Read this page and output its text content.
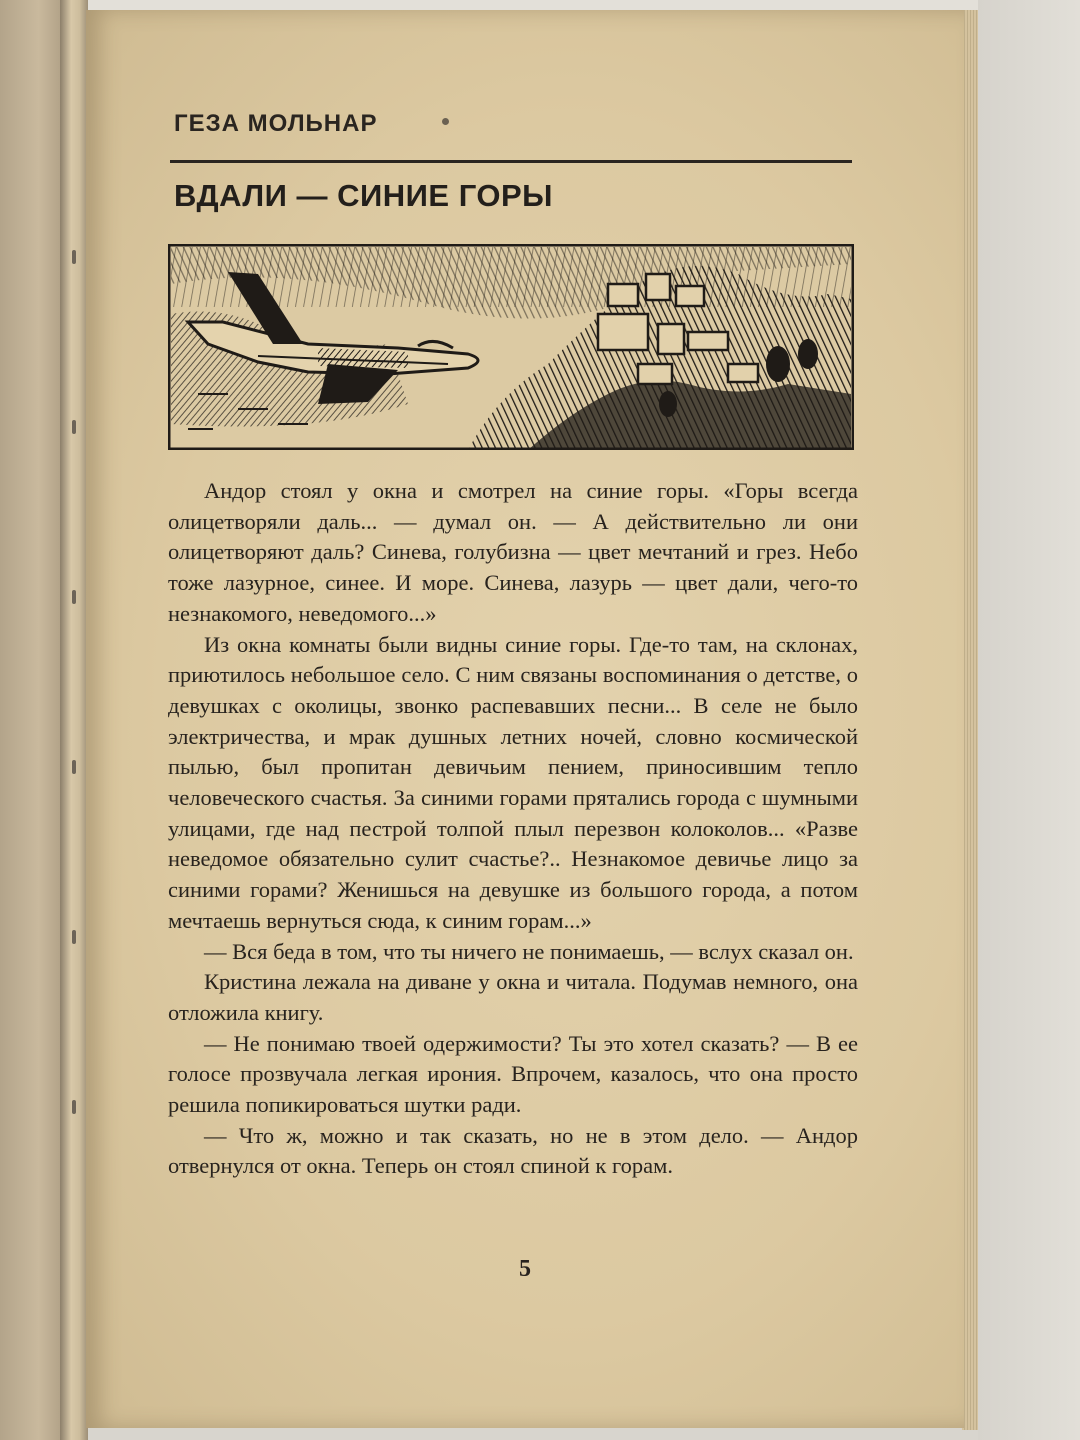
ГЕЗА МОЛЬНАР
ВДАЛИ — СИНИЕ ГОРЫ

Андор стоял у окна и смотрел на синие горы. «Горы всегда олицетворяли даль... — думал он. — А действительно ли они олицетворяют даль? Синева, голубизна — цвет мечтаний и грез. Небо тоже лазурное, синее. И море. Синева, лазурь — цвет дали, чего-то незнакомого, неведомого...»

Из окна комнаты были видны синие горы. Где-то там, на склонах, приютилось небольшое село. С ним связаны воспоминания о детстве, о девушках с околицы, звонко распевавших песни... В селе не было электричества, и мрак душных летних ночей, словно космической пылью, был пропитан девичьим пением, приносившим тепло человеческого счастья. За синими горами прятались города с шумными улицами, где над пестрой толпой плыл перезвон колоколов... «Разве неведомое обязательно сулит счастье?.. Незнакомое девичье лицо за синими горами? Женишься на девушке из большого города, а потом мечтаешь вернуться сюда, к синим горам...»

— Вся беда в том, что ты ничего не понимаешь, — вслух сказал он.

Кристина лежала на диване у окна и читала. Подумав немного, она отложила книгу.

— Не понимаю твоей одержимости? Ты это хотел сказать? — В ее голосе прозвучала легкая ирония. Впрочем, казалось, что она просто решила попикироваться шутки ради.

— Что ж, можно и так сказать, но не в этом дело. — Андор отвернулся от окна. Теперь он стоял спиной к горам.

5
